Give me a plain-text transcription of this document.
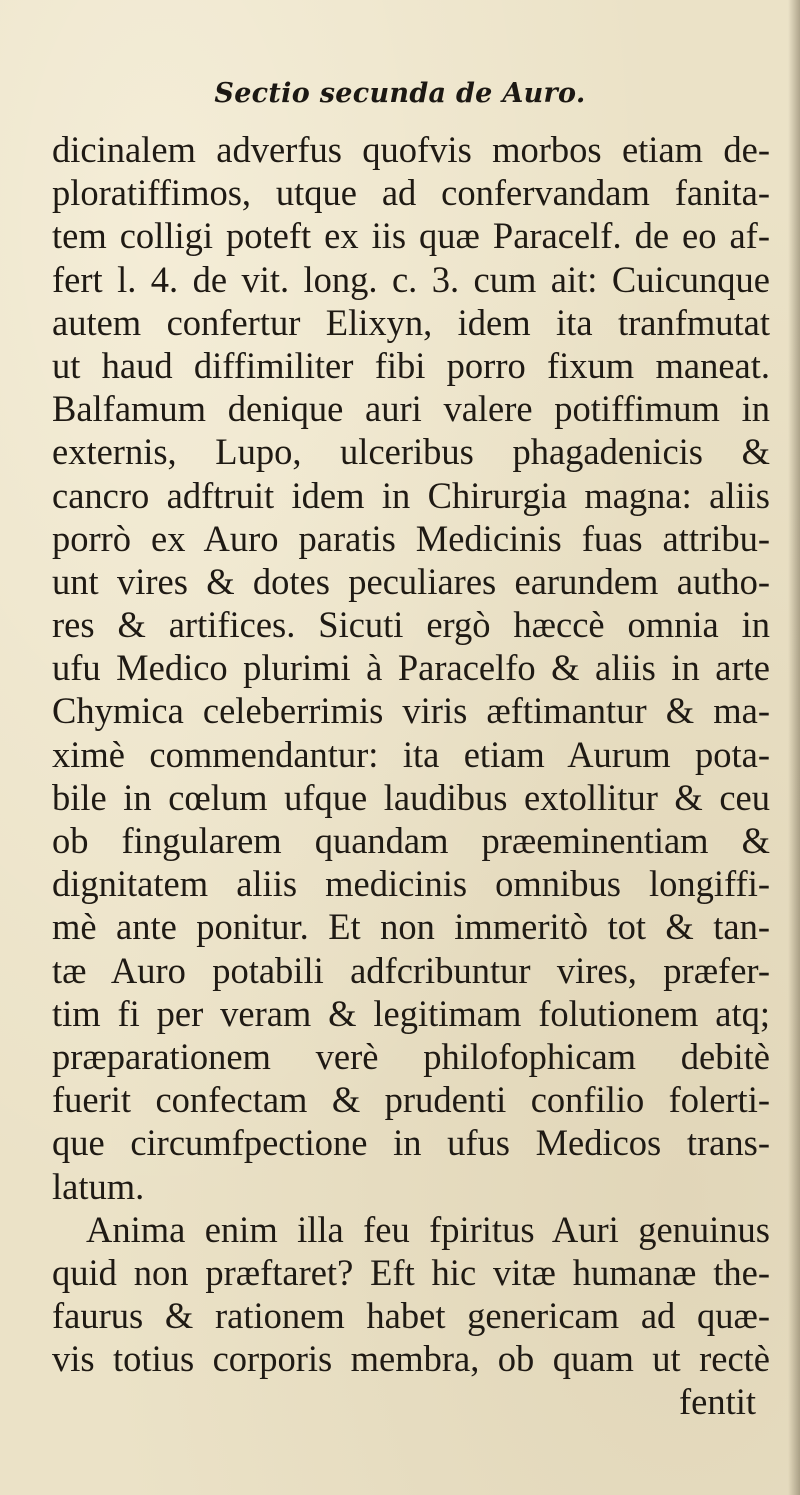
Sectio secunda de Auro.
dicinalem adverfus quofvis morbos etiam de-
ploratiffimos, utque ad confervandam fanita-
tem colligi poteft ex iis quæ Paracelf. de eo af-
fert l. 4. de vit. long. c. 3. cum ait: Cuicunque
autem confertur Elixyn, idem ita tranfmutat
ut haud diffimiliter fibi porro fixum maneat.
Balfamum denique auri valere potiffimum in
externis, Lupo, ulceribus phagadenicis &
cancro adftruit idem in Chirurgia magna: aliis
porrò ex Auro paratis Medicinis fuas attribu-
unt vires & dotes peculiares earundem autho-
res & artifices. Sicuti ergò hæccè omnia in
ufu Medico plurimi à Paracelfo & aliis in arte
Chymica celeberrimis viris æftimantur & ma-
ximè commendantur: ita etiam Aurum pota-
bile in cœlum ufque laudibus extollitur & ceu
ob fingularem quandam præeminentiam &
dignitatem aliis medicinis omnibus longiffi-
mè ante ponitur. Et non immeritò tot & tan-
tæ Auro potabili adfcribuntur vires, præfer-
tim fi per veram & legitimam folutionem atq;
præparationem verè philofophicam debitè
fuerit confectam & prudenti confilio folerti-
que circumfpectione in ufus Medicos trans-
latum.
Anima enim illa feu fpiritus Auri genuinus
quid non præftaret? Eft hic vitæ humanæ the-
faurus & rationem habet genericam ad quæ-
vis totius corporis membra, ob quam ut rectè
fentit
